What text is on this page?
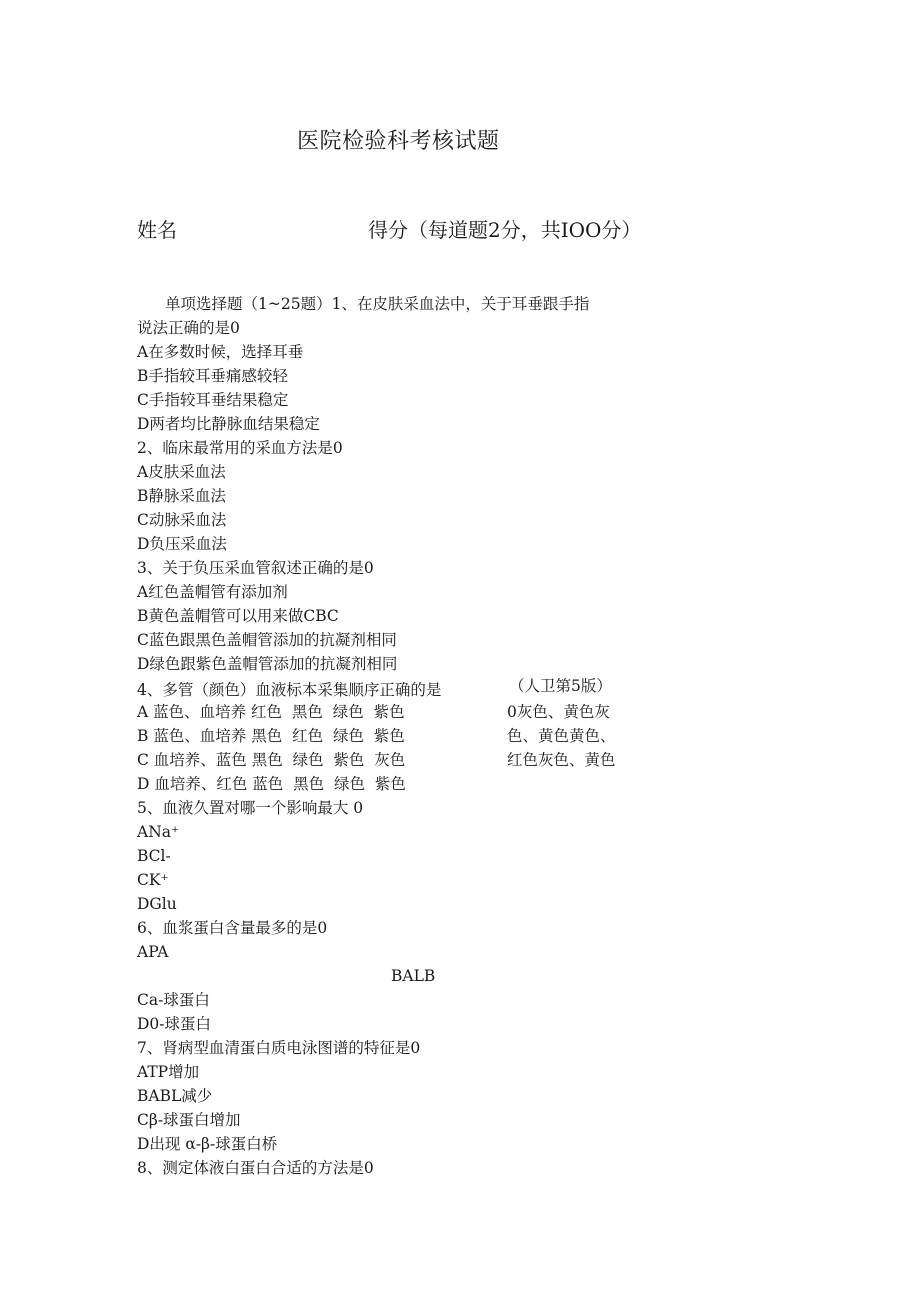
医院检验科考核试题
姓名	得分（每道题2分，共IOO分）
单项选择题（1~25题）1、在皮肤采血法中，关于耳垂跟手指
说法正确的是0
A在多数时候，选择耳垂
B手指较耳垂痛感较轻
C手指较耳垂结果稳定
D两者均比静脉血结果稳定
2、临床最常用的采血方法是0
A皮肤采血法
B静脉采血法
C动脉采血法
D负压采血法
3、关于负压采血管叙述正确的是0
A红色盖帽管有添加剂
B黄色盖帽管可以用来做CBC
C蓝色跟黑色盖帽管添加的抗凝剂相同
D绿色跟紫色盖帽管添加的抗凝剂相同
4、多管（颜色）血液标本采集顺序正确的是	（人卫第5版）
A 蓝色、血培养 红色  黑色  绿色  紫色	0灰色、黄色灰
B 蓝色、血培养 黑色  红色  绿色  紫色	色、黄色黄色、
C 血培养、蓝色 黑色  绿色  紫色  灰色	红色灰色、黄色
D 血培养、红色 蓝色  黑色  绿色  紫色
5、血液久置对哪一个影响最大 0
ANa⁺
BCl-
CK⁺
DGlu
6、血浆蛋白含量最多的是0
APA
BALB
Ca-球蛋白
D0-球蛋白
7、肾病型血清蛋白质电泳图谱的特征是0
ATP增加
BABL减少
Cβ-球蛋白增加
D出现 α-β-球蛋白桥
8、测定体液白蛋白合适的方法是0
